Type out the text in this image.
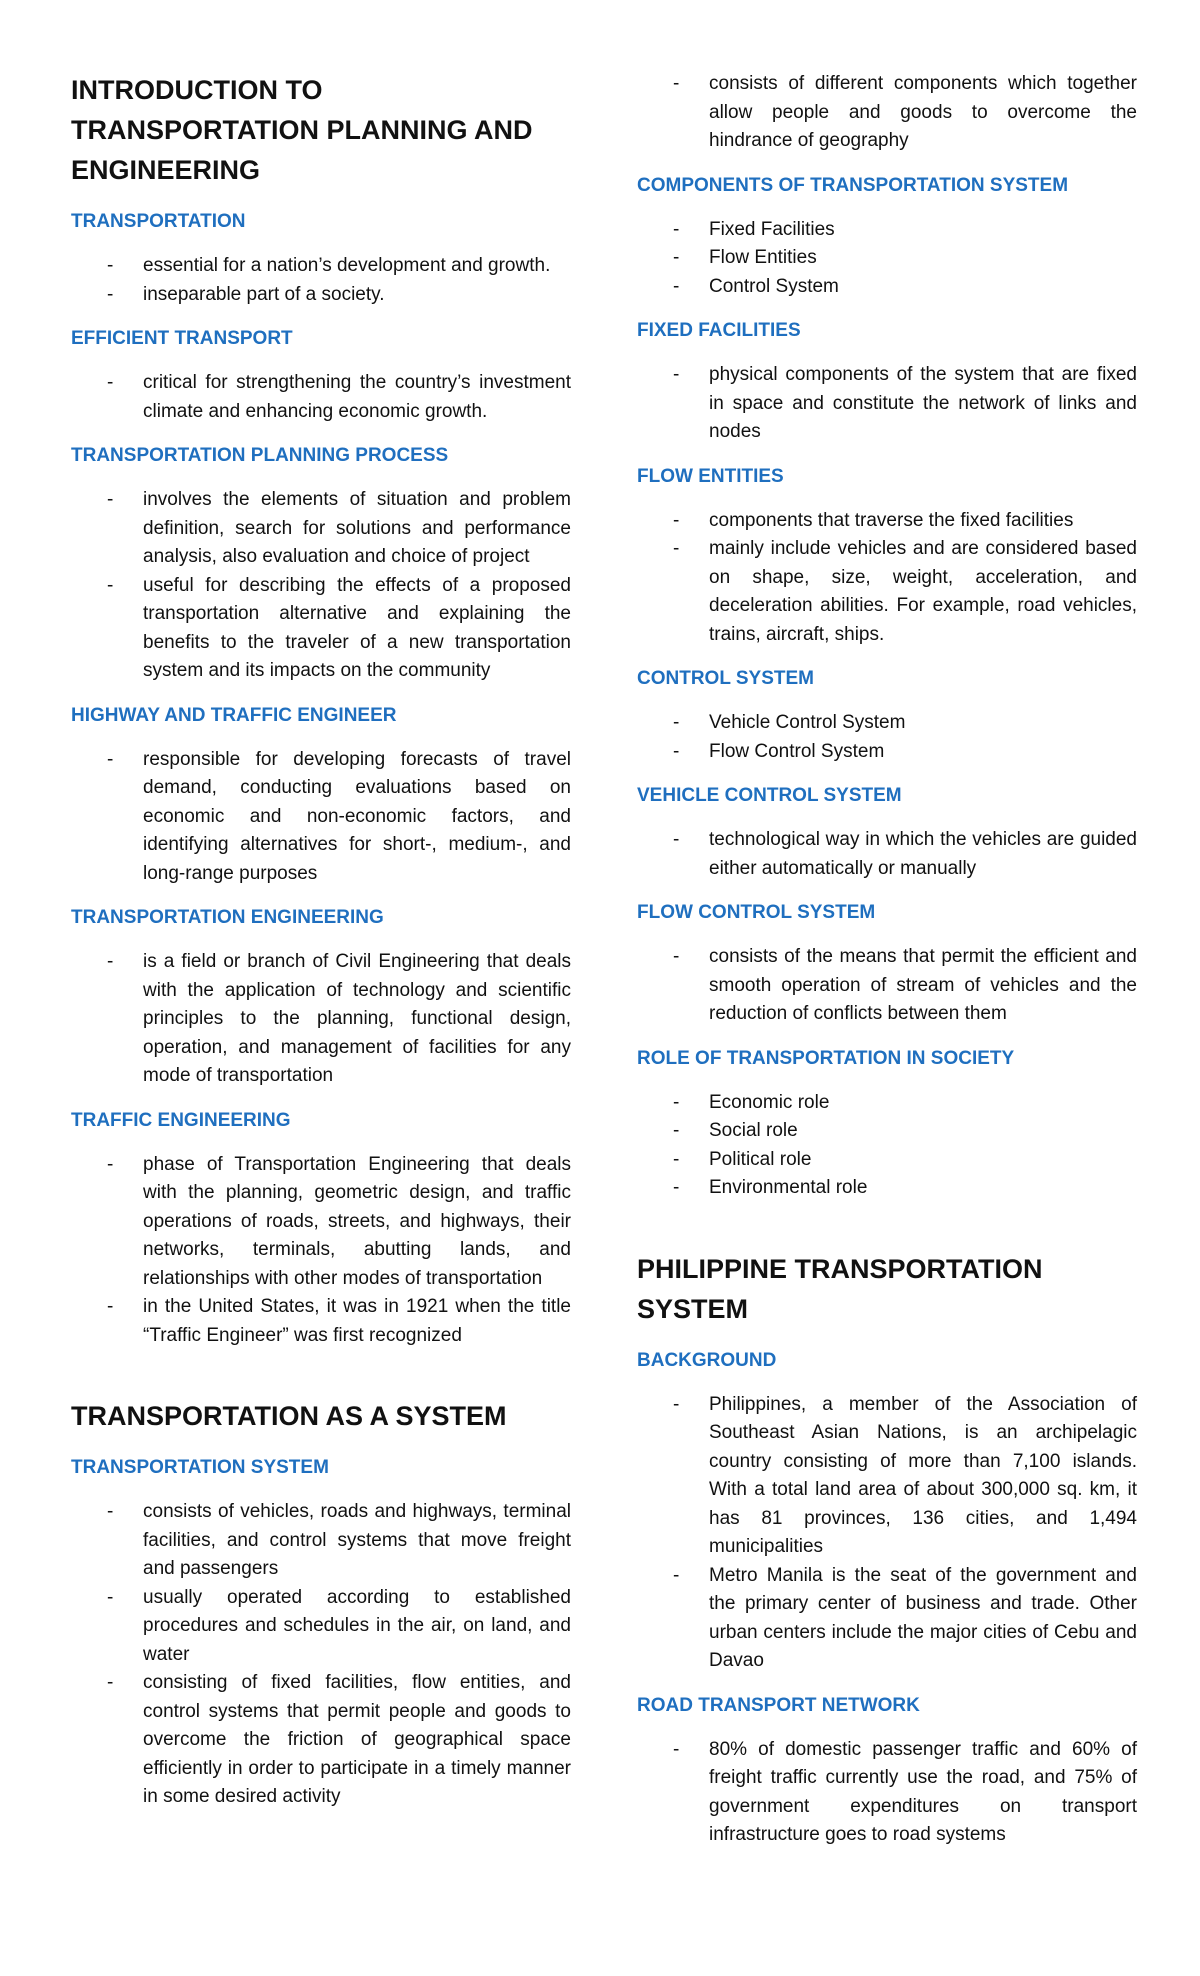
INTRODUCTION TO TRANSPORTATION PLANNING AND ENGINEERING
TRANSPORTATION
-	essential for a nation’s development and growth.
-	inseparable part of a society.
EFFICIENT TRANSPORT
-	critical for strengthening the country’s investment climate and enhancing economic growth.
TRANSPORTATION PLANNING PROCESS
-	involves the elements of situation and problem definition, search for solutions and performance analysis, also evaluation and choice of project
-	useful for describing the effects of a proposed transportation alternative and explaining the benefits to the traveler of a new transportation system and its impacts on the community
HIGHWAY AND TRAFFIC ENGINEER
-	responsible for developing forecasts of travel demand, conducting evaluations based on economic and non-economic factors, and identifying alternatives for short-, medium-, and long-range purposes
TRANSPORTATION ENGINEERING
-	is a field or branch of Civil Engineering that deals with the application of technology and scientific principles to the planning, functional design, operation, and management of facilities for any mode of transportation
TRAFFIC ENGINEERING
-	phase of Transportation Engineering that deals with the planning, geometric design, and traffic operations of roads, streets, and highways, their networks, terminals, abutting lands, and relationships with other modes of transportation
-	in the United States, it was in 1921 when the title “Traffic Engineer” was first recognized
TRANSPORTATION AS A SYSTEM
TRANSPORTATION SYSTEM
-	consists of vehicles, roads and highways, terminal facilities, and control systems that move freight and passengers
-	usually operated according to established procedures and schedules in the air, on land, and water
-	consisting of fixed facilities, flow entities, and control systems that permit people and goods to overcome the friction of geographical space efficiently in order to participate in a timely manner in some desired activity
-	consists of different components which together allow people and goods to overcome the hindrance of geography
COMPONENTS OF TRANSPORTATION SYSTEM
-	Fixed Facilities
-	Flow Entities
-	Control System
FIXED FACILITIES
-	physical components of the system that are fixed in space and constitute the network of links and nodes
FLOW ENTITIES
-	components that traverse the fixed facilities
-	mainly include vehicles and are considered based on shape, size, weight, acceleration, and deceleration abilities. For example, road vehicles, trains, aircraft, ships.
CONTROL SYSTEM
-	Vehicle Control System
-	Flow Control System
VEHICLE CONTROL SYSTEM
-	technological way in which the vehicles are guided either automatically or manually
FLOW CONTROL SYSTEM
-	consists of the means that permit the efficient and smooth operation of stream of vehicles and the reduction of conflicts between them
ROLE OF TRANSPORTATION IN SOCIETY
-	Economic role
-	Social role
-	Political role
-	Environmental role
PHILIPPINE TRANSPORTATION SYSTEM
BACKGROUND
-	Philippines, a member of the Association of Southeast Asian Nations, is an archipelagic country consisting of more than 7,100 islands. With a total land area of about 300,000 sq. km, it has 81 provinces, 136 cities, and 1,494 municipalities
-	Metro Manila is the seat of the government and the primary center of business and trade. Other urban centers include the major cities of Cebu and Davao
ROAD TRANSPORT NETWORK
-	80% of domestic passenger traffic and 60% of freight traffic currently use the road, and 75% of government expenditures on transport infrastructure goes to road systems
